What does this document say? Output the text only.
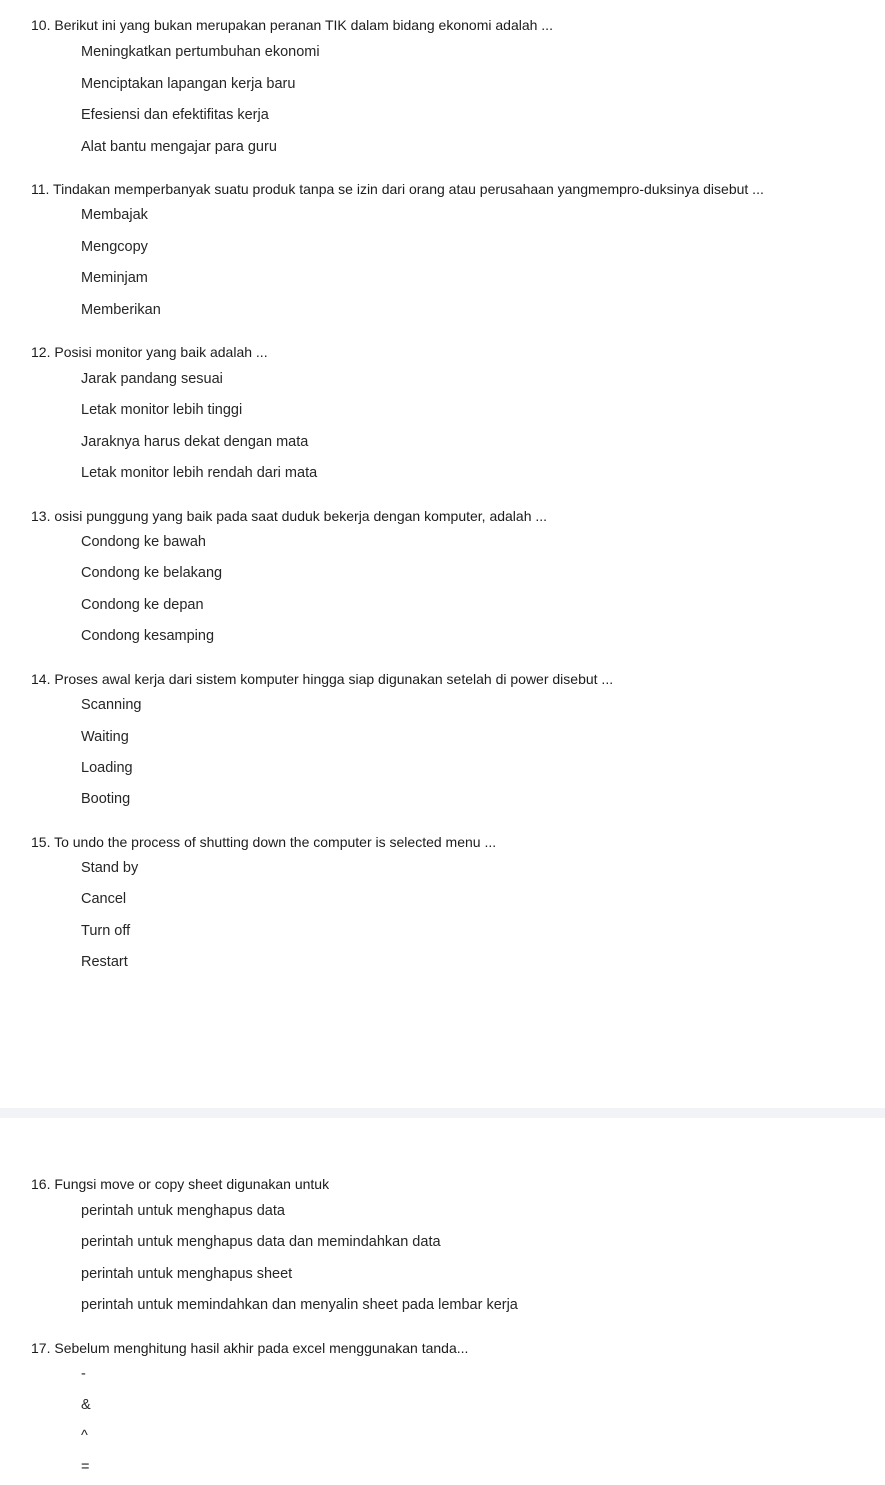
10. Berikut ini yang bukan merupakan peranan TIK dalam bidang ekonomi adalah ...
Meningkatkan pertumbuhan ekonomi
Menciptakan lapangan kerja baru
Efesiensi dan efektifitas kerja
Alat bantu mengajar para guru
11. Tindakan memperbanyak suatu produk tanpa se izin dari orang atau perusahaan yangmempro-duksinya disebut ...
Membajak
Mengcopy
Meminjam
Memberikan
12. Posisi monitor yang baik adalah ...
Jarak pandang sesuai
Letak monitor lebih tinggi
Jaraknya harus dekat dengan mata
Letak monitor lebih rendah dari mata
13. osisi punggung yang baik pada saat duduk bekerja dengan komputer, adalah ...
Condong ke bawah
Condong ke belakang
Condong ke depan
Condong kesamping
14. Proses awal kerja dari sistem komputer hingga siap digunakan setelah di power disebut ...
Scanning
Waiting
Loading
Booting
15. To undo the process of shutting down the computer is selected menu ...
Stand by
Cancel
Turn off
Restart
16. Fungsi move or copy sheet digunakan untuk
perintah untuk menghapus data
perintah untuk menghapus data dan memindahkan data
perintah untuk menghapus sheet
perintah untuk memindahkan dan menyalin sheet pada lembar kerja
17. Sebelum menghitung hasil akhir pada excel menggunakan tanda...
-
&
^
=
